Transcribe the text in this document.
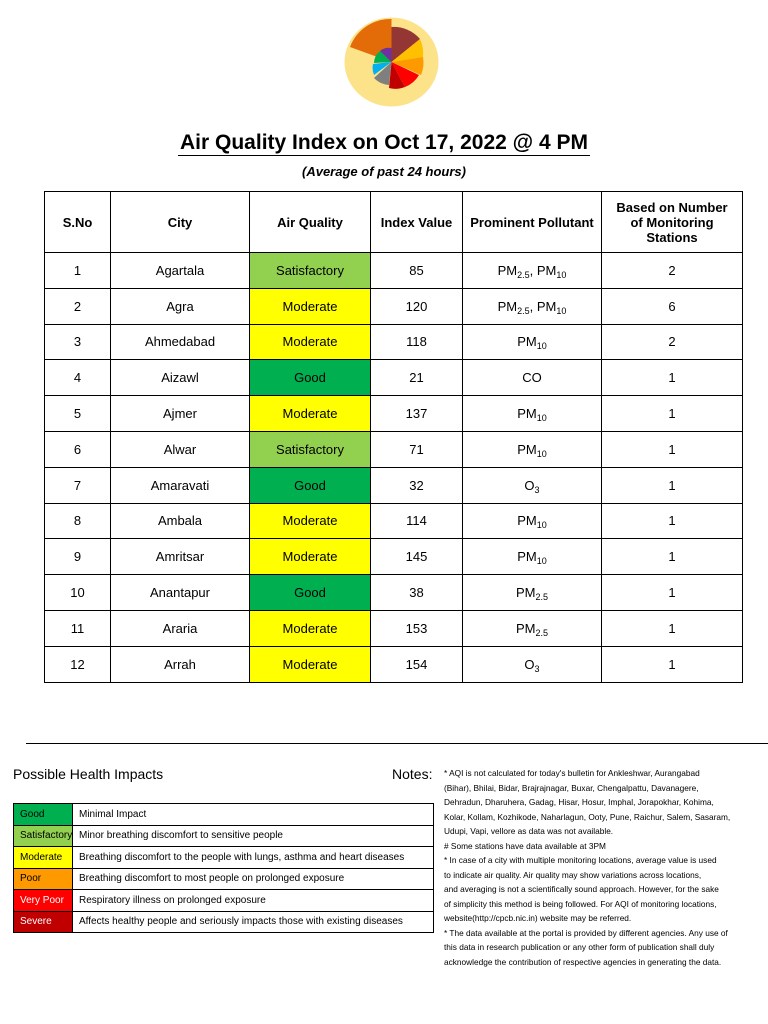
Air Quality Index on Oct 17, 2022 @ 4 PM
(Average of past 24 hours)
S.No	City	Air Quality	Index Value	Prominent Pollutant	Based on Number of Monitoring Stations
1	Agartala	Satisfactory	85	$PM_{2.5}$, $PM_{10}$	2
2	Agra	Moderate	120	$PM_{2.5}$, $PM_{10}$	6
3	Ahmedabad	Moderate	118	$PM_{10}$	2
4	Aizawl	Good	21	CO	1
5	Ajmer	Moderate	137	$PM_{10}$	1
6	Alwar	Satisfactory	71	$PM_{10}$	1
7	Amaravati	Good	32	$O_3$	1
8	Ambala	Moderate	114	$PM_{10}$	1
9	Amritsar	Moderate	145	$PM_{10}$	1
10	Anantapur	Good	38	$PM_{2.5}$	1
11	Araria	Moderate	153	$PM_{2.5}$	1
12	Arrah	Moderate	154	$O_3$	1
Possible Health Impacts
Good	Minimal Impact
Satisfactory	Minor breathing discomfort to sensitive people
Moderate	Breathing discomfort to the people with lungs, asthma and heart diseases
Poor	Breathing discomfort to most people on prolonged exposure
Very Poor	Respiratory illness on prolonged exposure
Severe	Affects healthy people and seriously impacts those with existing diseases
Notes: * AQI is not calculated for today's bulletin for Ankleshwar, Aurangabad

(Bihar), Bhilai, Bidar, Brajrajnagar, Buxar, Chengalpattu, Davanagere,

Dehradun, Dharuhera, Gadag, Hisar, Hosur, Imphal, Jorapokhar, Kohima,

Kolar, Kollam, Kozhikode, Naharlagun, Ooty, Pune, Raichur, Salem, Sasaram,

Udupi, Vapi, vellore as data was not available.

# Some stations have data available at 3PM

* In case of a city with multiple monitoring locations, average value is used

to indicate air quality. Air quality may show variations across locations,

and averaging is not a scientifically sound approach. However, for the sake

of simplicity this method is being followed. For AQI of monitoring locations,

website(http://cpcb.nic.in) website may be referred.

* The data available at the portal is provided by different agencies. Any use of

this data in research publication or any other form of publication shall duly

acknowledge the contribution of respective agencies in generating the data.
